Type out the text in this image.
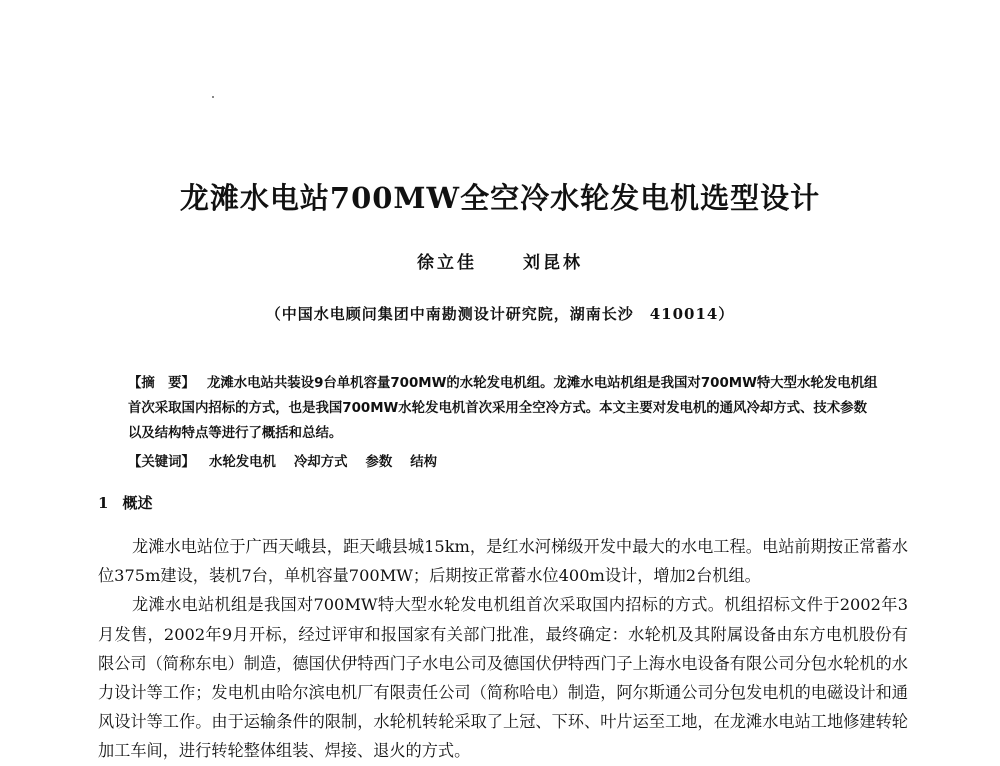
龙滩水电站700MW全空冷水轮发电机选型设计
徐立佳	刘昆林
（中国水电顾问集团中南勘测设计研究院，湖南长沙　410014）

【摘　要】 龙滩水电站共装设9台单机容量700MW的水轮发电机组。龙滩水电站机组是我国对700MW特大型水轮发电机组首次采取国内招标的方式，也是我国700MW水轮发电机首次采用全空冷方式。本文主要对发电机的通风冷却方式、技术参数以及结构特点等进行了概括和总结。

【关键词】 水轮发电机 冷却方式 参数 结构
1 概述

龙滩水电站位于广西天峨县，距天峨县城15km，是红水河梯级开发中最大的水电工程。电站前期按正常蓄水位375m建设，装机7台，单机容量700MW；后期按正常蓄水位400m设计，增加2台机组。

龙滩水电站机组是我国对700MW特大型水轮发电机组首次采取国内招标的方式。机组招标文件于2002年3月发售，2002年9月开标，经过评审和报国家有关部门批准，最终确定：水轮机及其附属设备由东方电机股份有限公司（简称东电）制造，德国伏伊特西门子水电公司及德国伏伊特西门子上海水电设备有限公司分包水轮机的水力设计等工作；发电机由哈尔滨电机厂有限责任公司（简称哈电）制造，阿尔斯通公司分包发电机的电磁设计和通风设计等工作。由于运输条件的限制，水轮机转轮采取了上冠、下环、叶片运至工地，在龙滩水电站工地修建转轮加工车间，进行转轮整体组装、焊接、退火的方式。
